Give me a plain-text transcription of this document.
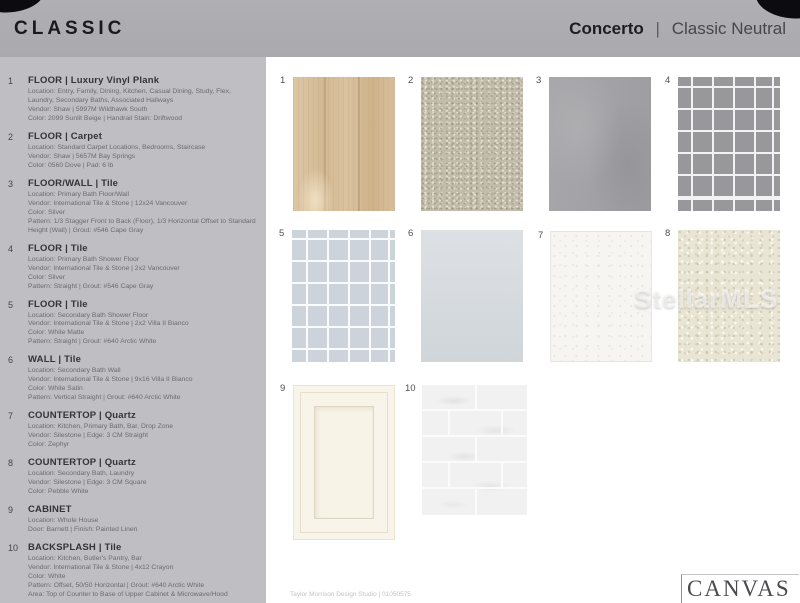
CLASSIC	Concerto | Classic Neutral
1	FLOOR | Luxury Vinyl Plank
Location: Entry, Family, Dining, Kitchen, Casual Dining, Study, Flex, Laundry, Secondary Baths, Associated Hallways
Vendor: Shaw | 5997M Wildhawk South
Color: 2099 Sunlit Beige | Handrail Stain: Driftwood
2	FLOOR | Carpet
Location: Standard Carpet Locations, Bedrooms, Staircase
Vendor: Shaw | 5657M Bay Springs
Color: 0560 Dove | Pad: 6 lb
3	FLOOR/WALL | Tile
Location: Primary Bath Floor/Wall
Vendor: International Tile & Stone | 12x24 Vancouver
Color: Silver
Pattern: 1/3 Stagger Front to Back (Floor), 1/3 Horizontal Offset to Standard Height (Wall) | Grout: #546 Cape Gray
4	FLOOR | Tile
Location: Primary Bath Shower Floor
Vendor: International Tile & Stone | 2x2 Vancouver
Color: Silver
Pattern: Straight | Grout: #546 Cape Gray
5	FLOOR | Tile
Location: Secondary Bath Shower Floor
Vendor: International Tile & Stone | 2x2 Villa II Bianco
Color: White Matte
Pattern: Straight | Grout: #640 Arctic White
6	WALL | Tile
Location: Secondary Bath Wall
Vendor: International Tile & Stone | 9x16 Villa II Bianco
Color: White Satin
Pattern: Vertical Straight | Grout: #640 Arctic White
7	COUNTERTOP | Quartz
Location: Kitchen, Primary Bath, Bar, Drop Zone
Vendor: Silestone | Edge: 3 CM Straight
Color: Zephyr
8	COUNTERTOP | Quartz
Location: Secondary Bath, Laundry
Vendor: Silestone | Edge: 3 CM Square
Color: Pebble White
9	CABINET
Location: Whole House
Door: Barnett | Finish: Painted Linen
10	BACKSPLASH | Tile
Location: Kitchen, Butler's Pantry, Bar
Vendor: International Tile & Stone | 4x12 Crayon
Color: White
Pattern: Offset, 50/50 Horizontal | Grout: #640 Arctic White
Area: Top of Counter to Base of Upper Cabinet & Microwave/Hood
1	2	3	4
5	6	7	8
9	10
StellarMLS
Taylor Morrison Design Studio | 01050575	CANVAS
